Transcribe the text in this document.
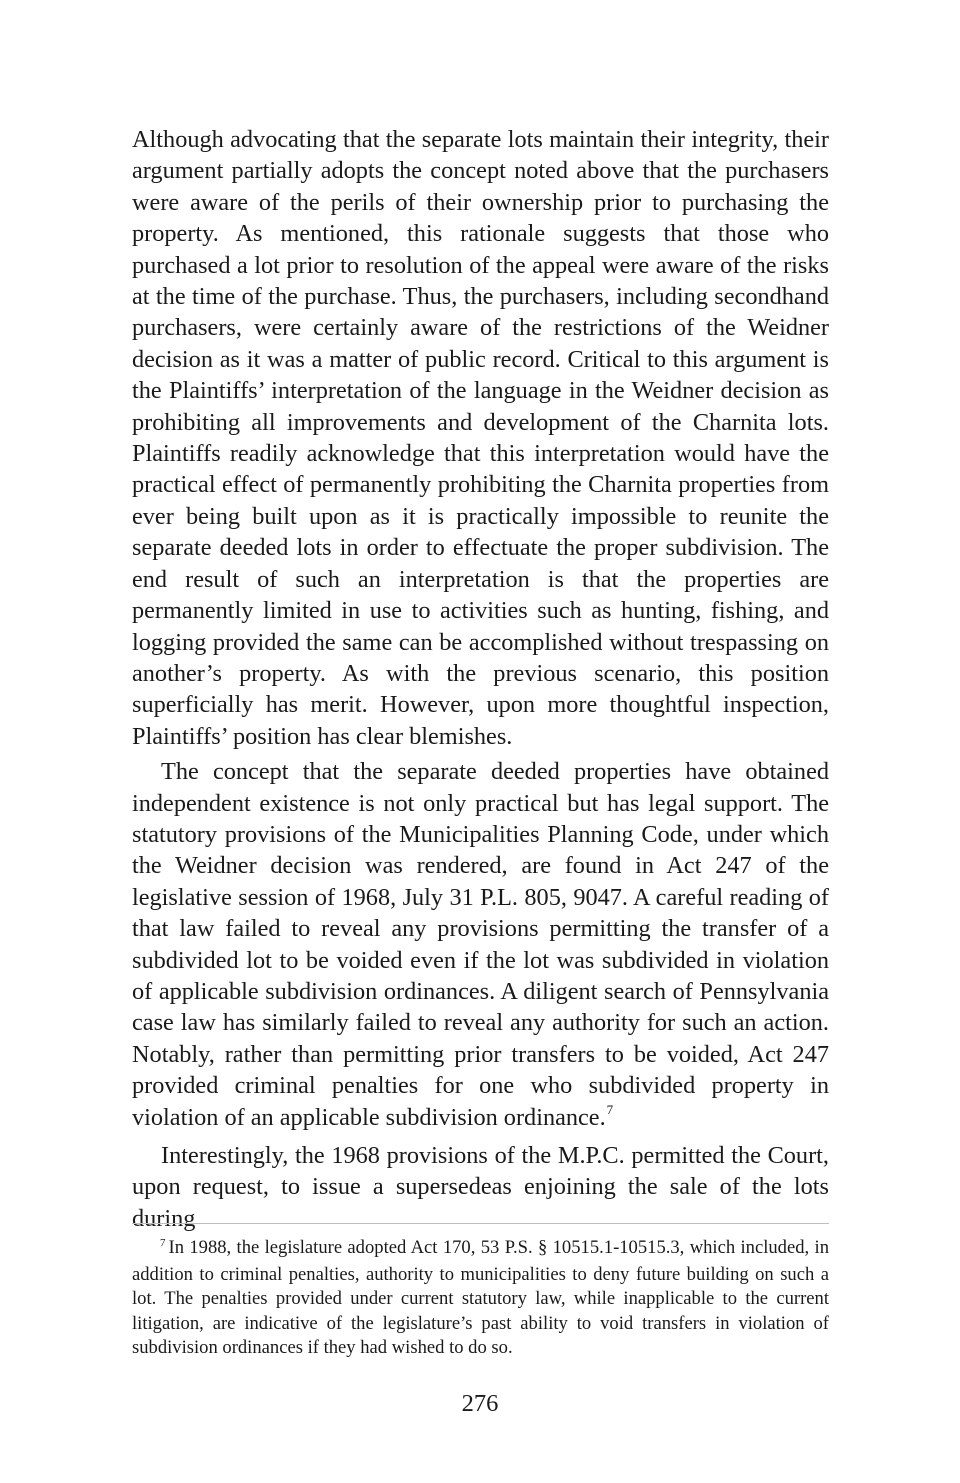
Although advocating that the separate lots maintain their integrity, their argument partially adopts the concept noted above that the purchasers were aware of the perils of their ownership prior to purchasing the property. As mentioned, this rationale suggests that those who purchased a lot prior to resolution of the appeal were aware of the risks at the time of the purchase. Thus, the purchasers, including secondhand purchasers, were certainly aware of the restrictions of the Weidner decision as it was a matter of public record. Critical to this argument is the Plaintiffs’ interpretation of the language in the Weidner decision as prohibiting all improvements and development of the Charnita lots. Plaintiffs readily acknowledge that this interpretation would have the practical effect of permanently prohibiting the Charnita properties from ever being built upon as it is practically impossible to reunite the separate deeded lots in order to effectuate the proper subdivision. The end result of such an interpretation is that the properties are permanently limited in use to activities such as hunting, fishing, and logging provided the same can be accomplished without trespassing on another’s property. As with the previous scenario, this position superficially has merit. However, upon more thoughtful inspection, Plaintiffs’ position has clear blemishes.

The concept that the separate deeded properties have obtained independent existence is not only practical but has legal support. The statutory provisions of the Municipalities Planning Code, under which the Weidner decision was rendered, are found in Act 247 of the legislative session of 1968, July 31 P.L. 805, 9047. A careful reading of that law failed to reveal any provisions permitting the transfer of a subdivided lot to be voided even if the lot was subdivided in violation of applicable subdivision ordinances. A diligent search of Pennsylvania case law has similarly failed to reveal any authority for such an action. Notably, rather than permitting prior transfers to be voided, Act 247 provided criminal penalties for one who subdivided property in violation of an applicable subdivision ordinance.$^7$

Interestingly, the 1968 provisions of the M.P.C. permitted the Court, upon request, to issue a supersedeas enjoining the sale of the lots during

$^7$ In 1988, the legislature adopted Act 170, 53 P.S. § 10515.1-10515.3, which included, in addition to criminal penalties, authority to municipalities to deny future building on such a lot. The penalties provided under current statutory law, while inapplicable to the current litigation, are indicative of the legislature’s past ability to void transfers in violation of subdivision ordinances if they had wished to do so.

276
